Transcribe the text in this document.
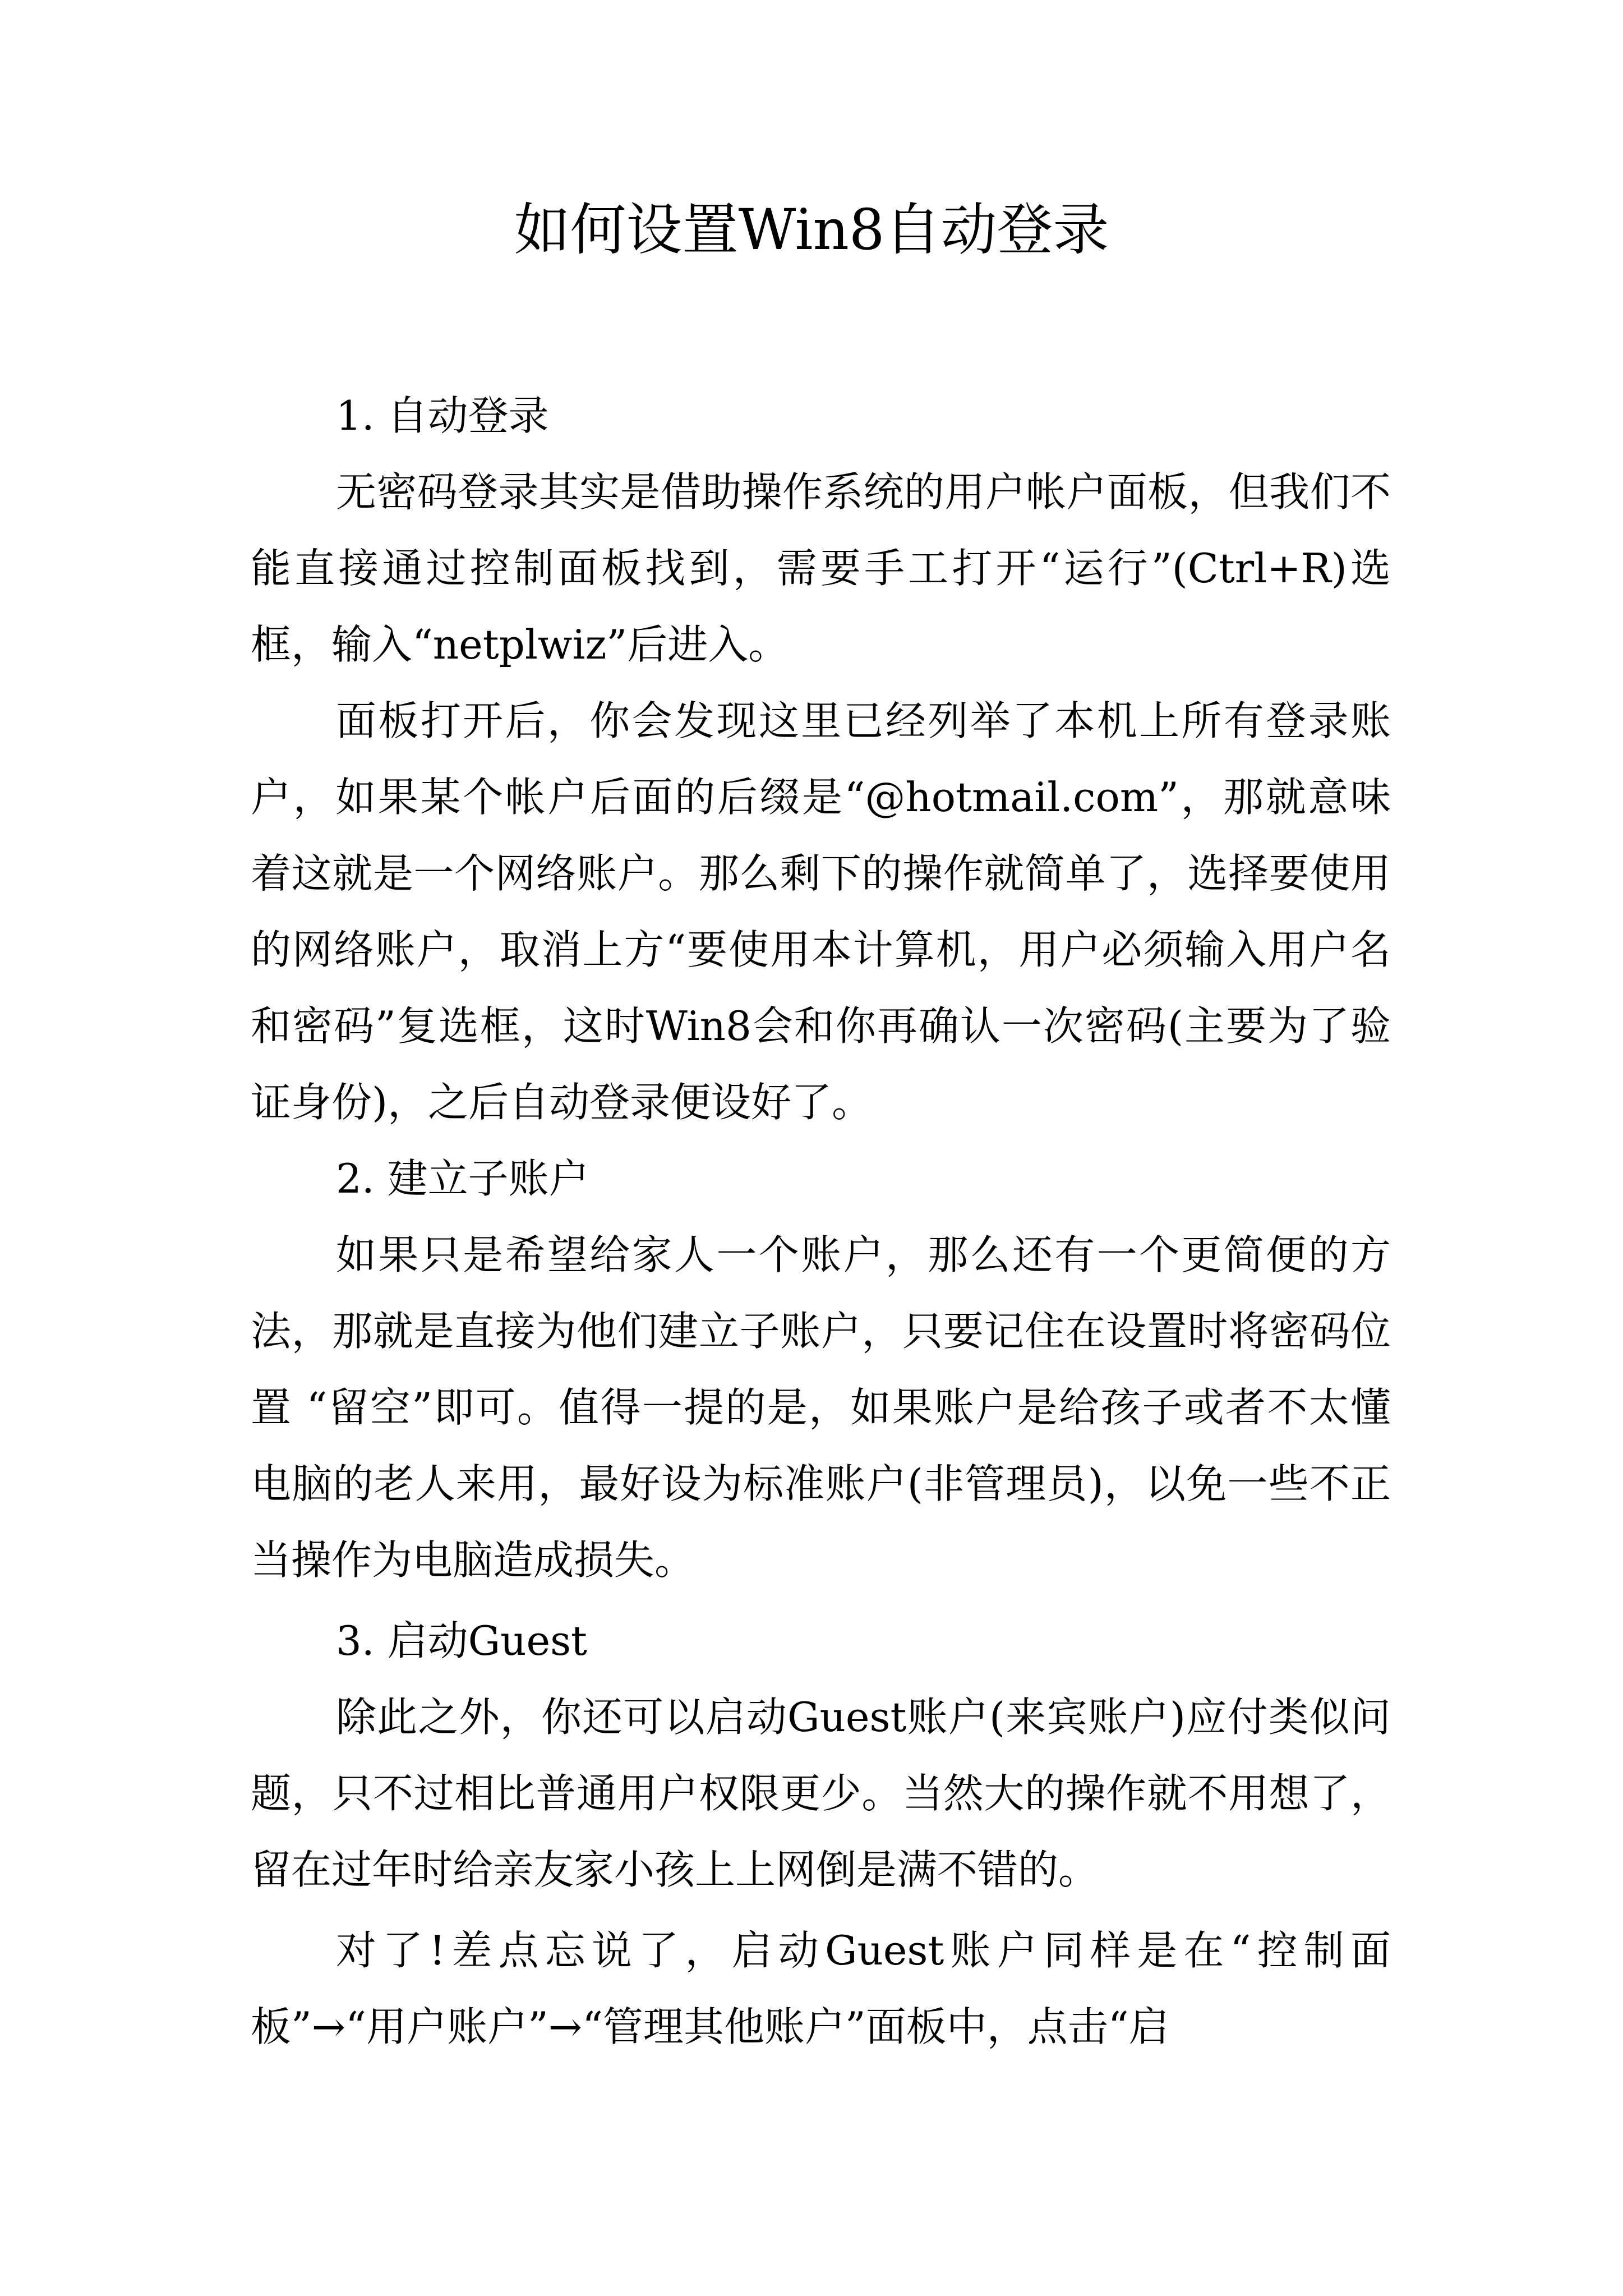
如何设置Win8自动登录

1. 自动登录

无密码登录其实是借助操作系统的用户帐户面板，但我们不能直接通过控制面板找到，需要手工打开“运行”(Ctrl+R)选框，输入“netplwiz”后进入。

面板打开后，你会发现这里已经列举了本机上所有登录账户，如果某个帐户后面的后缀是“@hotmail.com”，那就意味着这就是一个网络账户。那么剩下的操作就简单了，选择要使用的网络账户，取消上方“要使用本计算机，用户必须输入用户名和密码”复选框，这时Win8会和你再确认一次密码(主要为了验证身份)，之后自动登录便设好了。

2. 建立子账户

如果只是希望给家人一个账户，那么还有一个更简便的方法，那就是直接为他们建立子账户，只要记住在设置时将密码位置 “留空”即可。值得一提的是，如果账户是给孩子或者不太懂电脑的老人来用，最好设为标准账户(非管理员)，以免一些不正当操作为电脑造成损失。

3. 启动Guest

除此之外，你还可以启动Guest账户(来宾账户)应付类似问题，只不过相比普通用户权限更少。当然大的操作就不用想了，留在过年时给亲友家小孩上上网倒是满不错的。

对了!差点忘说了，启动Guest账户同样是在“控制面板”→“用户账户”→“管理其他账户”面板中，点击“启
